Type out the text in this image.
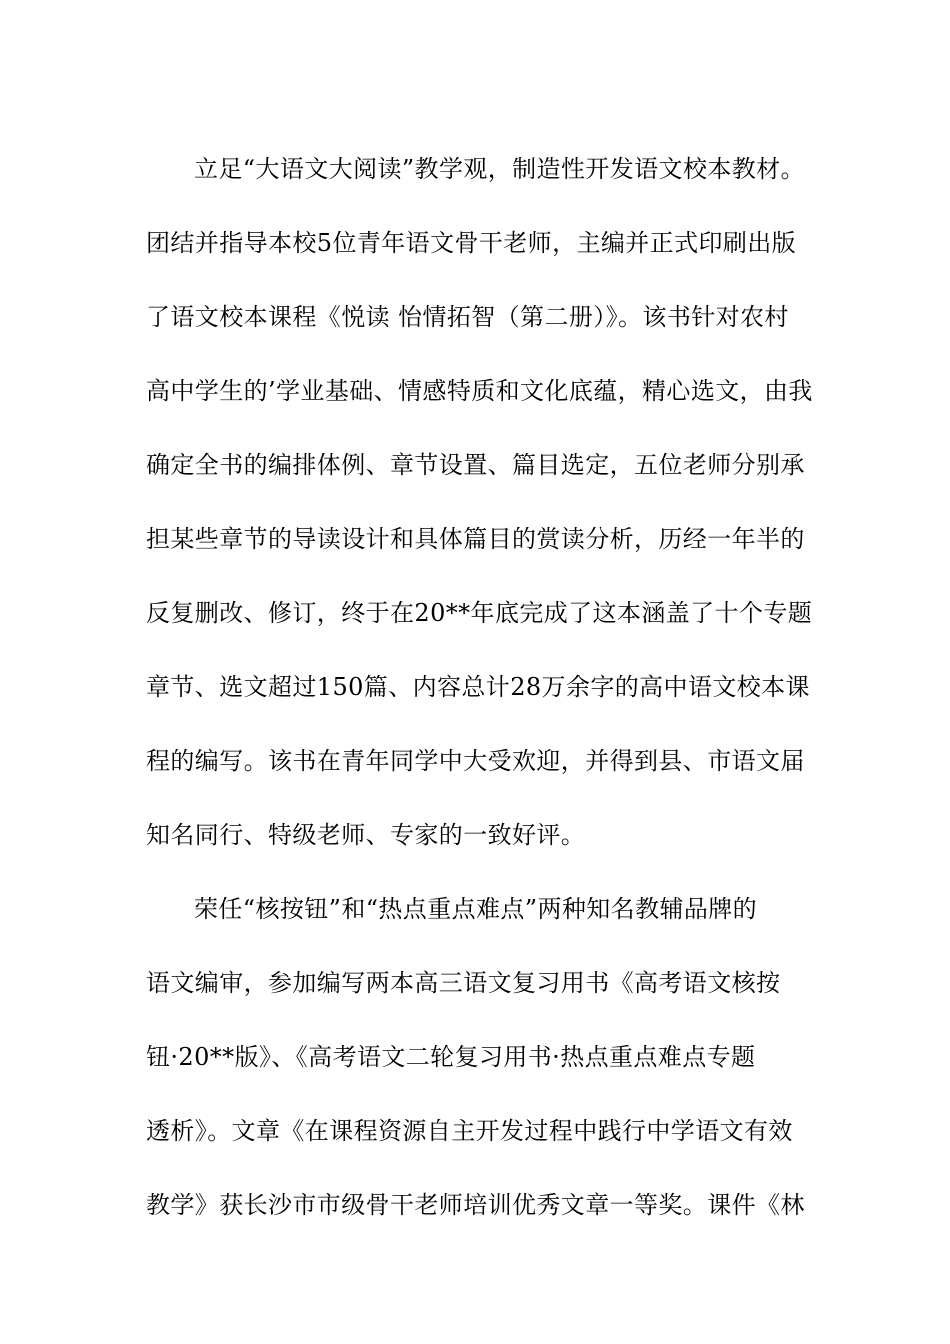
立足“大语文大阅读”教学观，制造性开发语文校本教材。
团结并指导本校5位青年语文骨干老师，主编并正式印刷出版
了语文校本课程《悦读 怡情拓智（第二册）》。该书针对农村
高中学生的’学业基础、情感特质和文化底蕴，精心选文，由我
确定全书的编排体例、章节设置、篇目选定，五位老师分别承
担某些章节的导读设计和具体篇目的赏读分析，历经一年半的
反复删改、修订，终于在20**年底完成了这本涵盖了十个专题
章节、选文超过150篇、内容总计28万余字的高中语文校本课
程的编写。该书在青年同学中大受欢迎，并得到县、市语文届
知名同行、特级老师、专家的一致好评。
荣任“核按钮”和“热点重点难点”两种知名教辅品牌的
语文编审，参加编写两本高三语文复习用书《高考语文核按
钮·20**版》、《高考语文二轮复习用书·热点重点难点专题
透析》。文章《在课程资源自主开发过程中践行中学语文有效
教学》获长沙市市级骨干老师培训优秀文章一等奖。课件《林
